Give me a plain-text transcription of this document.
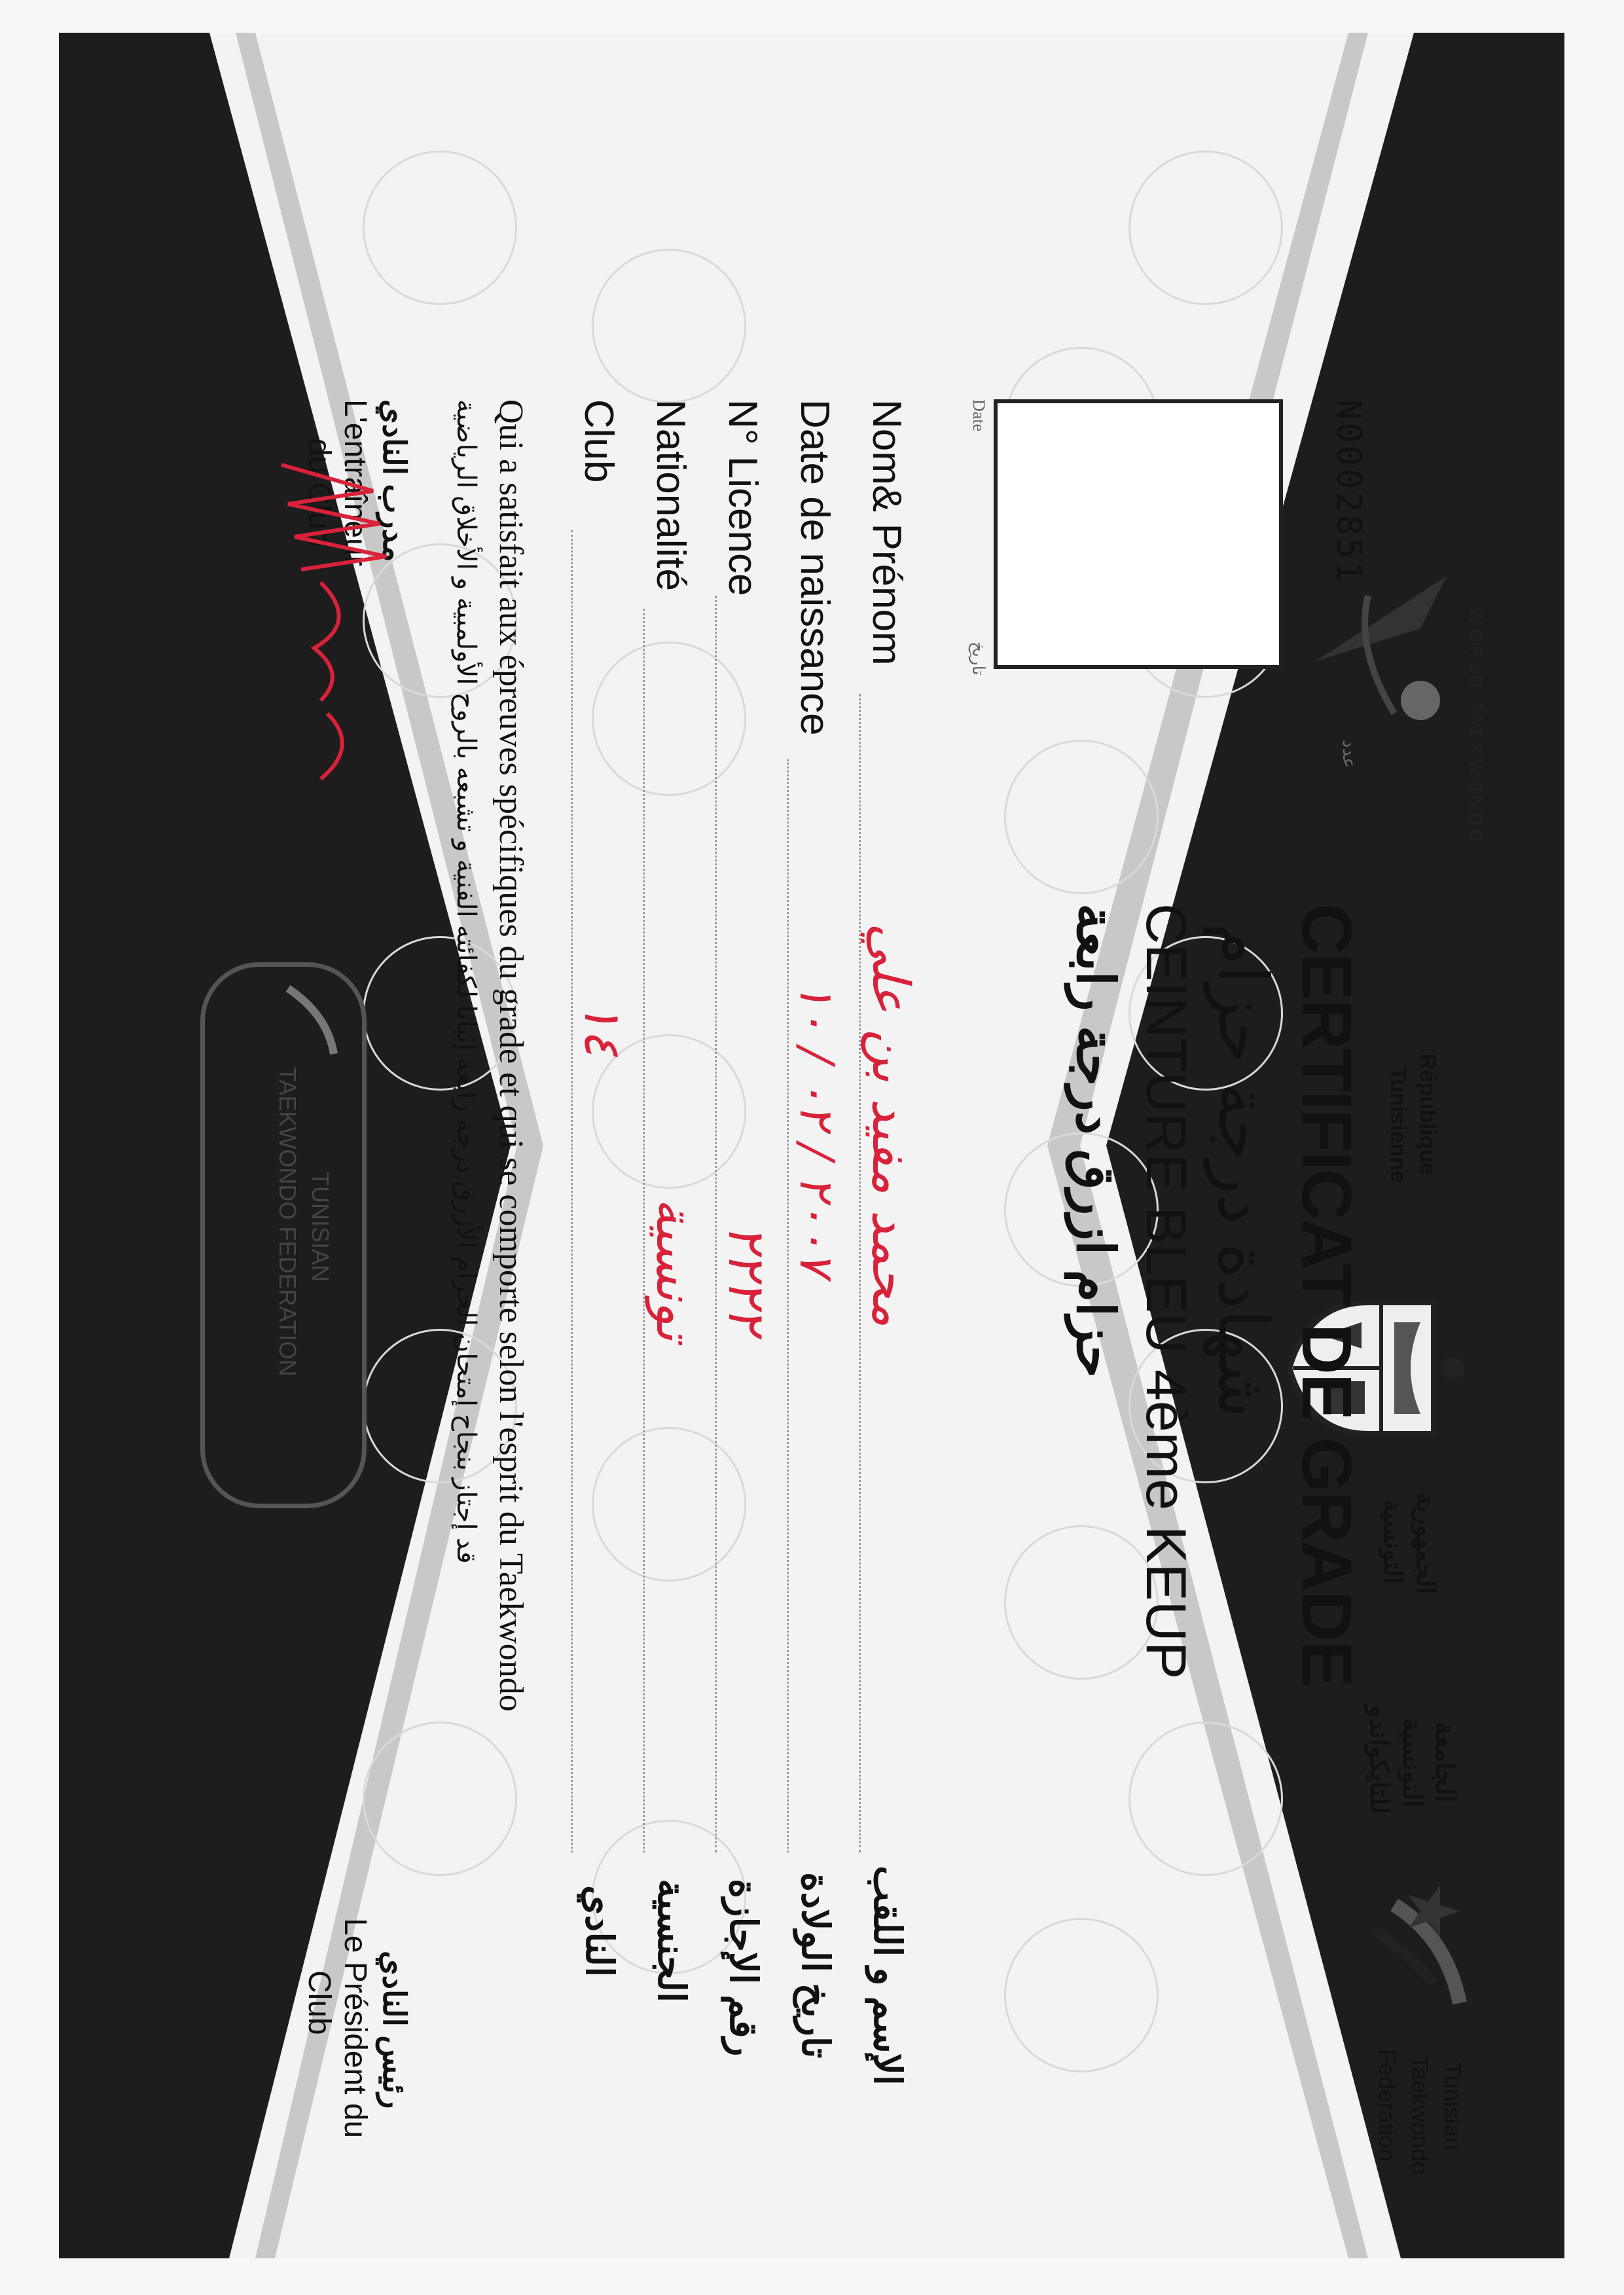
WORLD TAEKWONDO
République
Tunisienne
الجمهورية
التونسية
الجامعة
التونسية
للتايكواندو
Tunisian
Taekwondo
Federation
N0002851
عدد
Date
تاريخ
CERTIFICAT DE GRADE
شهادة درجة حزام
CEINTURE BLEU 4ème KEUP
حزام ازرق درجة رابعة
Nom& Prénom
محمد مفيد بن علي
الإسم و اللقب
Date de naissance
٢٠٠٧ / ٠٢ / ١٠
تاريخ الولادة
N° Licence
٢٢٢٢
رقم الإجازة
Nationalité
تونسية
الجنسية
Club
١٤
النادي
Qui a satisfait aux épreuves spécifiques du grade et qui se comporte selon l'esprit du Taekwondo
قد إجتاز بنجاح إمتحان الحزام الأزرق درجة رابعة إثباتا لكفائته الفنية و تشبعه بالروح الأولمبية و الأخلاق الرياضية
مدرب النادي
L'entraîneur
du Club
TUNISIAN
TAEKWONDO FEDERATION
رئيس النادي
Le Président du
Club
